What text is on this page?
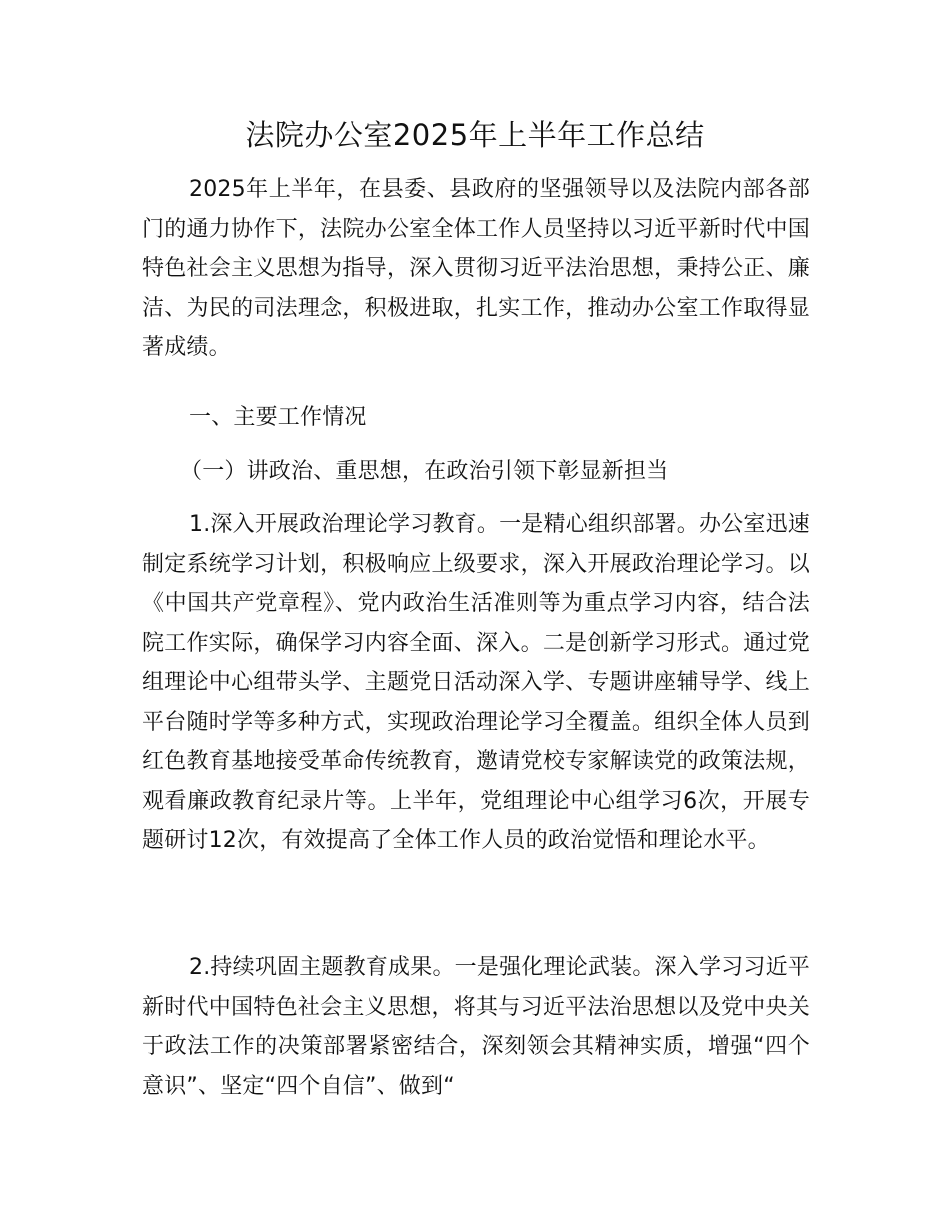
法院办公室2025年上半年工作总结

2025年上半年，在县委、县政府的坚强领导以及法院内部各部门的通力协作下，法院办公室全体工作人员坚持以习近平新时代中国特色社会主义思想为指导，深入贯彻习近平法治思想，秉持公正、廉洁、为民的司法理念，积极进取，扎实工作，推动办公室工作取得显著成绩。

一、主要工作情况

（一）讲政治、重思想，在政治引领下彰显新担当

1.深入开展政治理论学习教育。一是精心组织部署。办公室迅速制定系统学习计划，积极响应上级要求，深入开展政治理论学习。以《中国共产党章程》、党内政治生活准则等为重点学习内容，结合法院工作实际，确保学习内容全面、深入。二是创新学习形式。通过党组理论中心组带头学、主题党日活动深入学、专题讲座辅导学、线上平台随时学等多种方式，实现政治理论学习全覆盖。组织全体人员到红色教育基地接受革命传统教育，邀请党校专家解读党的政策法规，观看廉政教育纪录片等。上半年，党组理论中心组学习6次，开展专题研讨12次，有效提高了全体工作人员的政治觉悟和理论水平。

2.持续巩固主题教育成果。一是强化理论武装。深入学习习近平新时代中国特色社会主义思想，将其与习近平法治思想以及党中央关于政法工作的决策部署紧密结合，深刻领会其精神实质，增强“四个意识”、坚定“四个自信”、做到“
